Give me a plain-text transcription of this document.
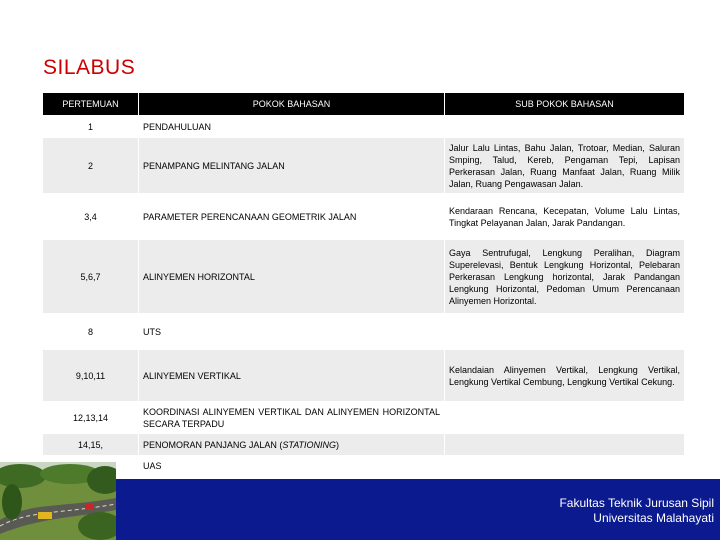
SILABUS
PERTEMUAN	POKOK BAHASAN	SUB POKOK BAHASAN
1	PENDAHULUAN	
2	PENAMPANG MELINTANG JALAN	Jalur Lalu Lintas, Bahu Jalan, Trotoar, Median, Saluran Smping, Talud, Kereb, Pengaman Tepi, Lapisan Perkerasan Jalan, Ruang Manfaat Jalan, Ruang Milik Jalan, Ruang Pengawasan Jalan.
3,4	PARAMETER PERENCANAAN GEOMETRIK JALAN	Kendaraan Rencana, Kecepatan, Volume Lalu Lintas, Tingkat Pelayanan Jalan, Jarak Pandangan.
5,6,7	ALINYEMEN HORIZONTAL	Gaya Sentrufugal, Lengkung Peralihan, Diagram Superelevasi, Bentuk Lengkung Horizontal, Pelebaran Perkerasan Lengkung horizontal, Jarak Pandangan Lengkung Horizontal, Pedoman Umum Perencanaan Alinyemen Horizontal.
8	UTS	
9,10,11	ALINYEMEN VERTIKAL	Kelandaian Alinyemen Vertikal, Lengkung Vertikal, Lengkung Vertikal Cembung, Lengkung Vertikal Cekung.
12,13,14	KOORDINASI ALINYEMEN VERTIKAL DAN ALINYEMEN HORIZONTAL SECARA TERPADU	
14,15,	PENOMORAN PANJANG JALAN (STATIONING)	
	UAS	
Fakultas Teknik Jurusan Sipil
Universitas Malahayati
